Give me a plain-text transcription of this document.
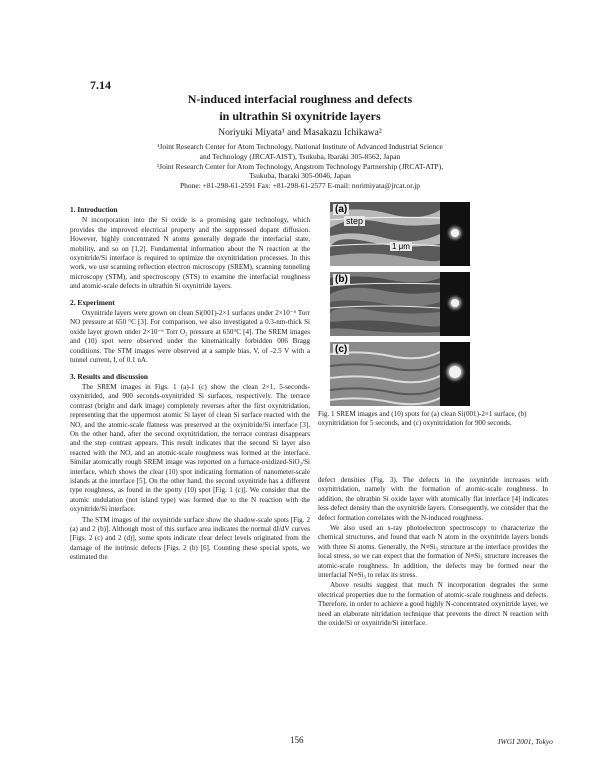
7.14
N-induced interfacial roughness and defects
in ultrathin Si oxynitride layers
Noriyuki Miyata¹ and Masakazu Ichikawa²

¹Joint Research Center for Atom Technology, National Institute of Advanced Industrial Science

and Technology (JRCAT-AIST), Tsukuba, Ibaraki 305-8562, Japan

²Joint Research Center for Atom Technology, Angstrom Technology Partnership (JRCAT-ATP),

Tsukuba, Ibaraki 305-0046, Japan

Phone: +81-298-61-2591 Fax: +81-298-61-2577 E-mail: norimiyata@jrcat.or.jp

1. Introduction

N incorporation into the Si oxide is a promising gate technology, which provides the improved electrical property and the suppressed dopant diffusion. However, highly concentrated N atoms generally degrade the interfacial state, mobility, and so on [1,2]. Fundamental information about the N reaction at the oxynitride/Si interface is required to optimize the oxynitridation processes. In this work, we use scanning reflection electron microscopy (SREM), scanning tunneling microscopy (STM), and spectroscopy (STS) to examine the interfacial roughness and atomic-scale defects in ultrathin Si oxynitride layers.

2. Experiment

Oxynitride layers were grown on clean Si(001)-2×1 surfaces under 2×10⁻⁶ Torr NO pressure at 650 °C [3]. For comparison, we also investigated a 0.3-nm-thick Si oxide layer grown under 2×10⁻⁶ Torr O₂ pressure at 650°C [4]. The SREM images and (10) spot were observed under the kinematically forbidden 006 Bragg conditions. The STM images were observed at a sample bias, V, of -2.5 V with a tunnel current, I, of 0.1 nA.

3. Results and discussion

The SREM images in Figs. 1 (a)-1 (c) show the clean 2×1, 5-seconds-oxynitrided, and 900 seconds-oxynitrided Si surfaces, respectively. The terrace contrast (bright and dark image) completely reverses after the first oxynitridation, representing that the uppermost atomic Si layer of clean Si surface reacted with the NO, and the atomic-scale flatness was preserved at the oxynitride/Si interface [3]. On the other hand, after the second oxynitridation, the terrace contrast disappears and the step contrast appears. This result indicates that the second Si layer also reacted with the NO, and an atomic-scale roughness was formed at the interface. Similar atomically rough SREM image was reported on a furnace-oxidized-SiO₂/Si interface, which shows the clear (10) spot indicating formation of nanometer-scale islands at the interface [5]. On the other hand, the second oxynitride has a different type roughness, as found in the spotty (10) spot [Fig. 1 (c)]. We consider that the atomic undulation (not island type) was formed due to the N reaction with the oxynitride/Si interface.

The STM images of the oxynitride surface show the shadow-scale spots [Fig. 2 (a) and 2 (b)]. Although most of this surface area indicates the normal dI/dV curves [Figs. 2 (c) and 2 (d)], some spots indicate clear defect levels originated from the damage of the intrinsic defects [Figs. 2 (b) [6]. Counting these special spots, we estimated the

(a)
step
1 μm
(b)
(c)
Fig. 1 SREM images and (10) spots for (a) clean Si(001)-2×1 surface, (b) oxynitridation for 5 seconds, and (c) oxynitridation for 900 seconds.

defect densities (Fig. 3). The defects in the oxynitride increases with oxynitridation, namely with the formation of atomic-scale roughness. In addition, the ultrathin Si oxide layer with atomically flat interface [4] indicates less defect density than the oxynitride layers. Consequently, we consider that the defect formation correlates with the N-induced roughness.

We also used an x-ray photoelectron spectroscopy to characterize the chemical structures, and found that each N atom in the oxynitride layers bonds with three Si atoms. Generally, the N≡Si₃ structure at the interface provides the local stress, so we can expect that the formation of N≡Si₃ structure increases the atomic-scale roughness. In addition, the defects may be formed near the interfacial N≡Si₃ to relax its stress.

Above results suggest that much N incorporation degrades the some electrical properties due to the formation of atomic-scale roughness and defects. Therefore, in order to achieve a good highly N-concentrated oxynitride layer, we need an elaborate nitridation technique that prevents the direct N reaction with the oxide/Si or oxynitride/Si interface.

156	IWGI 2001, Tokyo
